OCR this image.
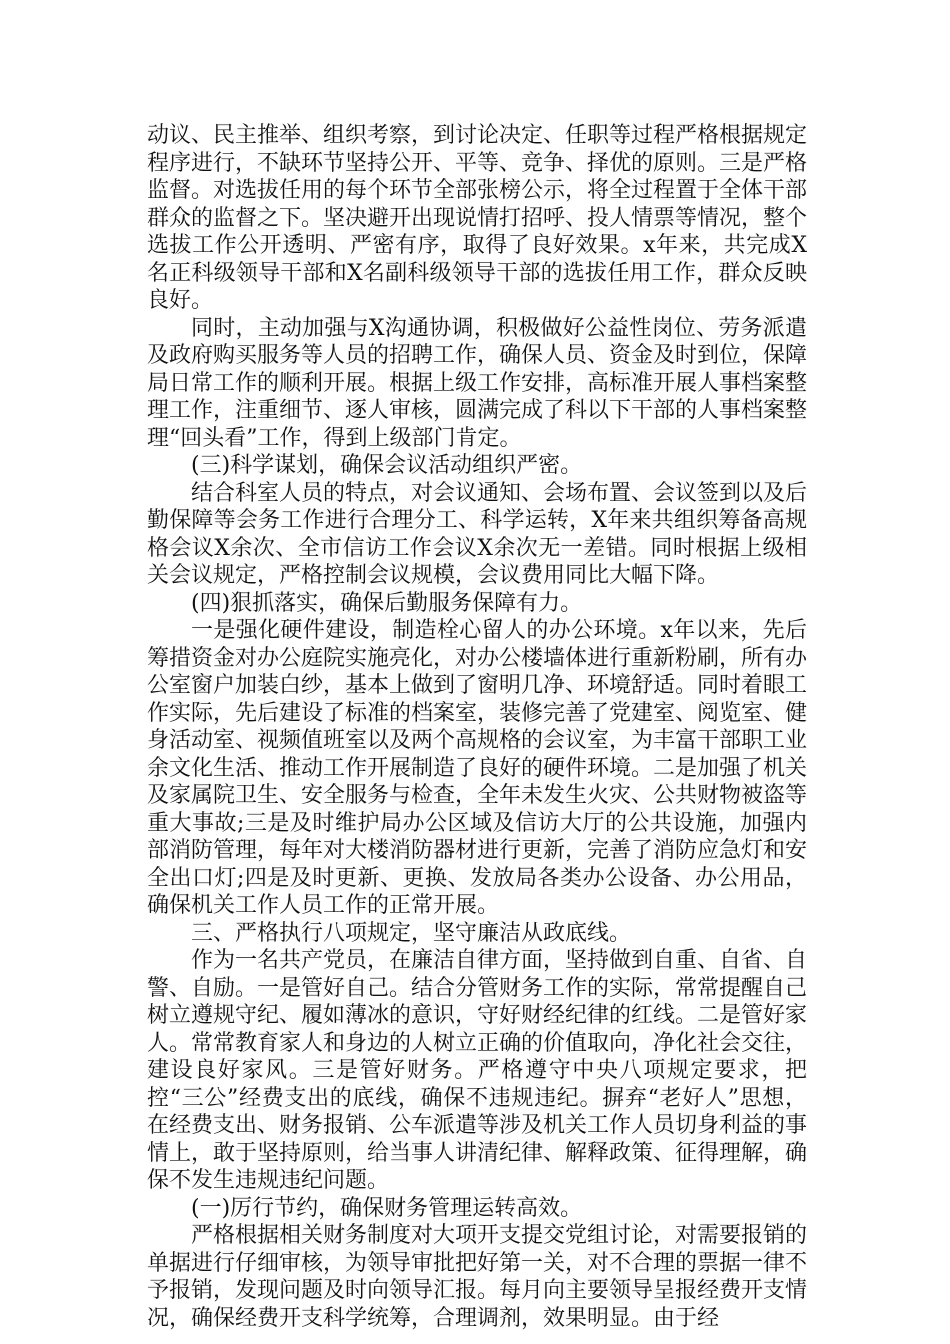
动议、民主推举、组织考察，到讨论决定、任职等过程严格根据规定程序进行，不缺环节坚持公开、平等、竞争、择优的原则。三是严格监督。对选拔任用的每个环节全部张榜公示，将全过程置于全体干部群众的监督之下。坚决避开出现说情打招呼、投人情票等情况，整个选拔工作公开透明、严密有序，取得了良好效果。x年来，共完成X名正科级领导干部和X名副科级领导干部的选拔任用工作，群众反映良好。

同时，主动加强与X沟通协调，积极做好公益性岗位、劳务派遣及政府购买服务等人员的招聘工作，确保人员、资金及时到位，保障局日常工作的顺利开展。根据上级工作安排，高标准开展人事档案整理工作，注重细节、逐人审核，圆满完成了科以下干部的人事档案整理“回头看”工作，得到上级部门肯定。

(三)科学谋划，确保会议活动组织严密。

结合科室人员的特点，对会议通知、会场布置、会议签到以及后勤保障等会务工作进行合理分工、科学运转，X年来共组织筹备高规格会议X余次、全市信访工作会议X余次无一差错。同时根据上级相关会议规定，严格控制会议规模，会议费用同比大幅下降。

(四)狠抓落实，确保后勤服务保障有力。

一是强化硬件建设，制造栓心留人的办公环境。x年以来，先后筹措资金对办公庭院实施亮化，对办公楼墙体进行重新粉刷，所有办公室窗户加装白纱，基本上做到了窗明几净、环境舒适。同时着眼工作实际，先后建设了标准的档案室，装修完善了党建室、阅览室、健身活动室、视频值班室以及两个高规格的会议室，为丰富干部职工业余文化生活、推动工作开展制造了良好的硬件环境。二是加强了机关及家属院卫生、安全服务与检查，全年未发生火灾、公共财物被盗等重大事故;三是及时维护局办公区域及信访大厅的公共设施，加强内部消防管理，每年对大楼消防器材进行更新，完善了消防应急灯和安全出口灯;四是及时更新、更换、发放局各类办公设备、办公用品，确保机关工作人员工作的正常开展。

三、严格执行八项规定，坚守廉洁从政底线。

作为一名共产党员，在廉洁自律方面，坚持做到自重、自省、自警、自励。一是管好自己。结合分管财务工作的实际，常常提醒自己树立遵规守纪、履如薄冰的意识，守好财经纪律的红线。二是管好家人。常常教育家人和身边的人树立正确的价值取向，净化社会交往，建设良好家风。三是管好财务。严格遵守中央八项规定要求，把控“三公”经费支出的底线，确保不违规违纪。摒弃“老好人”思想，在经费支出、财务报销、公车派遣等涉及机关工作人员切身利益的事情上，敢于坚持原则，给当事人讲清纪律、解释政策、征得理解，确保不发生违规违纪问题。

(一)厉行节约，确保财务管理运转高效。

严格根据相关财务制度对大项开支提交党组讨论，对需要报销的单据进行仔细审核，为领导审批把好第一关，对不合理的票据一律不予报销，发现问题及时向领导汇报。每月向主要领导呈报经费开支情况，确保经费开支科学统筹，合理调剂，效果明显。由于经
